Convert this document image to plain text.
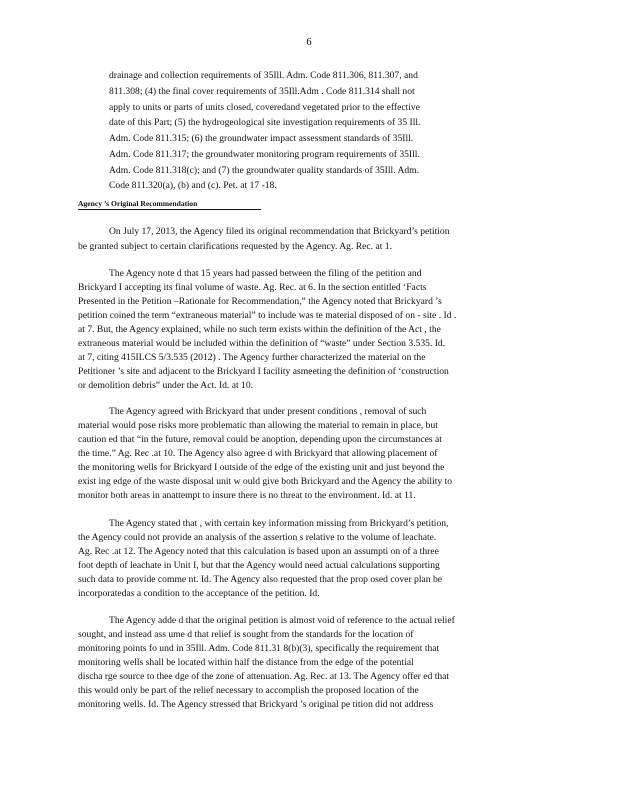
6
drainage and collection requirements of 35Ill. Adm. Code 811.306, 811.307, and
811.308; (4) the final cover requirements of 35Ill.Adm . Code 811.314 shall not
apply to units or parts of units closed, coveredand vegetated prior to the effective
date of this Part; (5) the hydrogeological site investigation requirements of 35 Ill.
Adm. Code 811.315; (6) the groundwater impact assessment standards of 35Ill.
Adm. Code 811.317; the groundwater monitoring program requirements of 35Ill.
Adm. Code 811.318(c); and (7) the groundwater quality standards of 35Ill. Adm.
Code 811.320(a), (b) and (c). Pet. at 17 -18.
Agency ’s Original Recommendation
On July 17, 2013, the Agency filed its original recommendation that Brickyard’s petition
be granted subject to certain clarifications requested by the Agency. Ag. Rec. at 1.
The Agency note d that 15 years had passed between the filing of the petition and
Brickyard I accepting its final volume of waste. Ag. Rec. at 6. In the section entitled ‘Facts
Presented in the Petition –Rationale for Recommendation,” the Agency noted that Brickyard ’s
petition coined the term “extraneous material” to include was te material disposed of on - site . Id .
at 7. But, the Agency explained, while no such term exists within the definition of the Act , the
extraneous material would be included within the definition of “waste” under Section 3.535. Id.
at 7, citing 415ILCS 5/3.535 (2012) . The Agency further characterized the material on the
Petitioner ’s site and adjacent to the Brickyard I facility asmeeting the definition of ‘construction
or demolition debris” under the Act. Id. at 10.
The Agency agreed with Brickyard that under present conditions , removal of such
material would pose risks more problematic than allowing the material to remain in place, but
caution ed that “in the future, removal could be anoption, depending upon the circumstances at
the time.” Ag. Rec .at 10. The Agency also agree d with Brickyard that allowing placement of
the monitoring wells for Brickyard I outside of the edge of the existing unit and just beyond the
exist ing edge of the waste disposal unit w ould give both Brickyard and the Agency the ability to
monitor both areas in anattempt to insure there is no threat to the environment. Id. at 11.
The Agency stated that , with certain key information missing from Brickyard’s petition,
the Agency could not provide an analysis of the assertion s relative to the volume of leachate.
Ag. Rec .at 12. The Agency noted that this calculation is based upon an assumpti on of a three
foot depth of leachate in Unit I, but that the Agency would need actual calculations supporting
such data to provide comme nt. Id. The Agency also requested that the prop osed cover plan be
incorporatedas a condition to the acceptance of the petition. Id.
The Agency adde d that the original petition is almost void of reference to the actual relief
sought, and instead ass ume d that relief is sought from the standards for the location of
monitoring points fo und in 35Ill. Adm. Code 811.31 8(b)(3), specifically the requirement that
monitoring wells shall be located within half the distance from the edge of the potential
discha rge source to thee dge of the zone of attenuation. Ag. Rec. at 13. The Agency offer ed that
this would only be part of the relief necessary to accomplish the proposed location of the
monitoring wells. Id. The Agency stressed that Brickyard ’s original pe tition did not address
